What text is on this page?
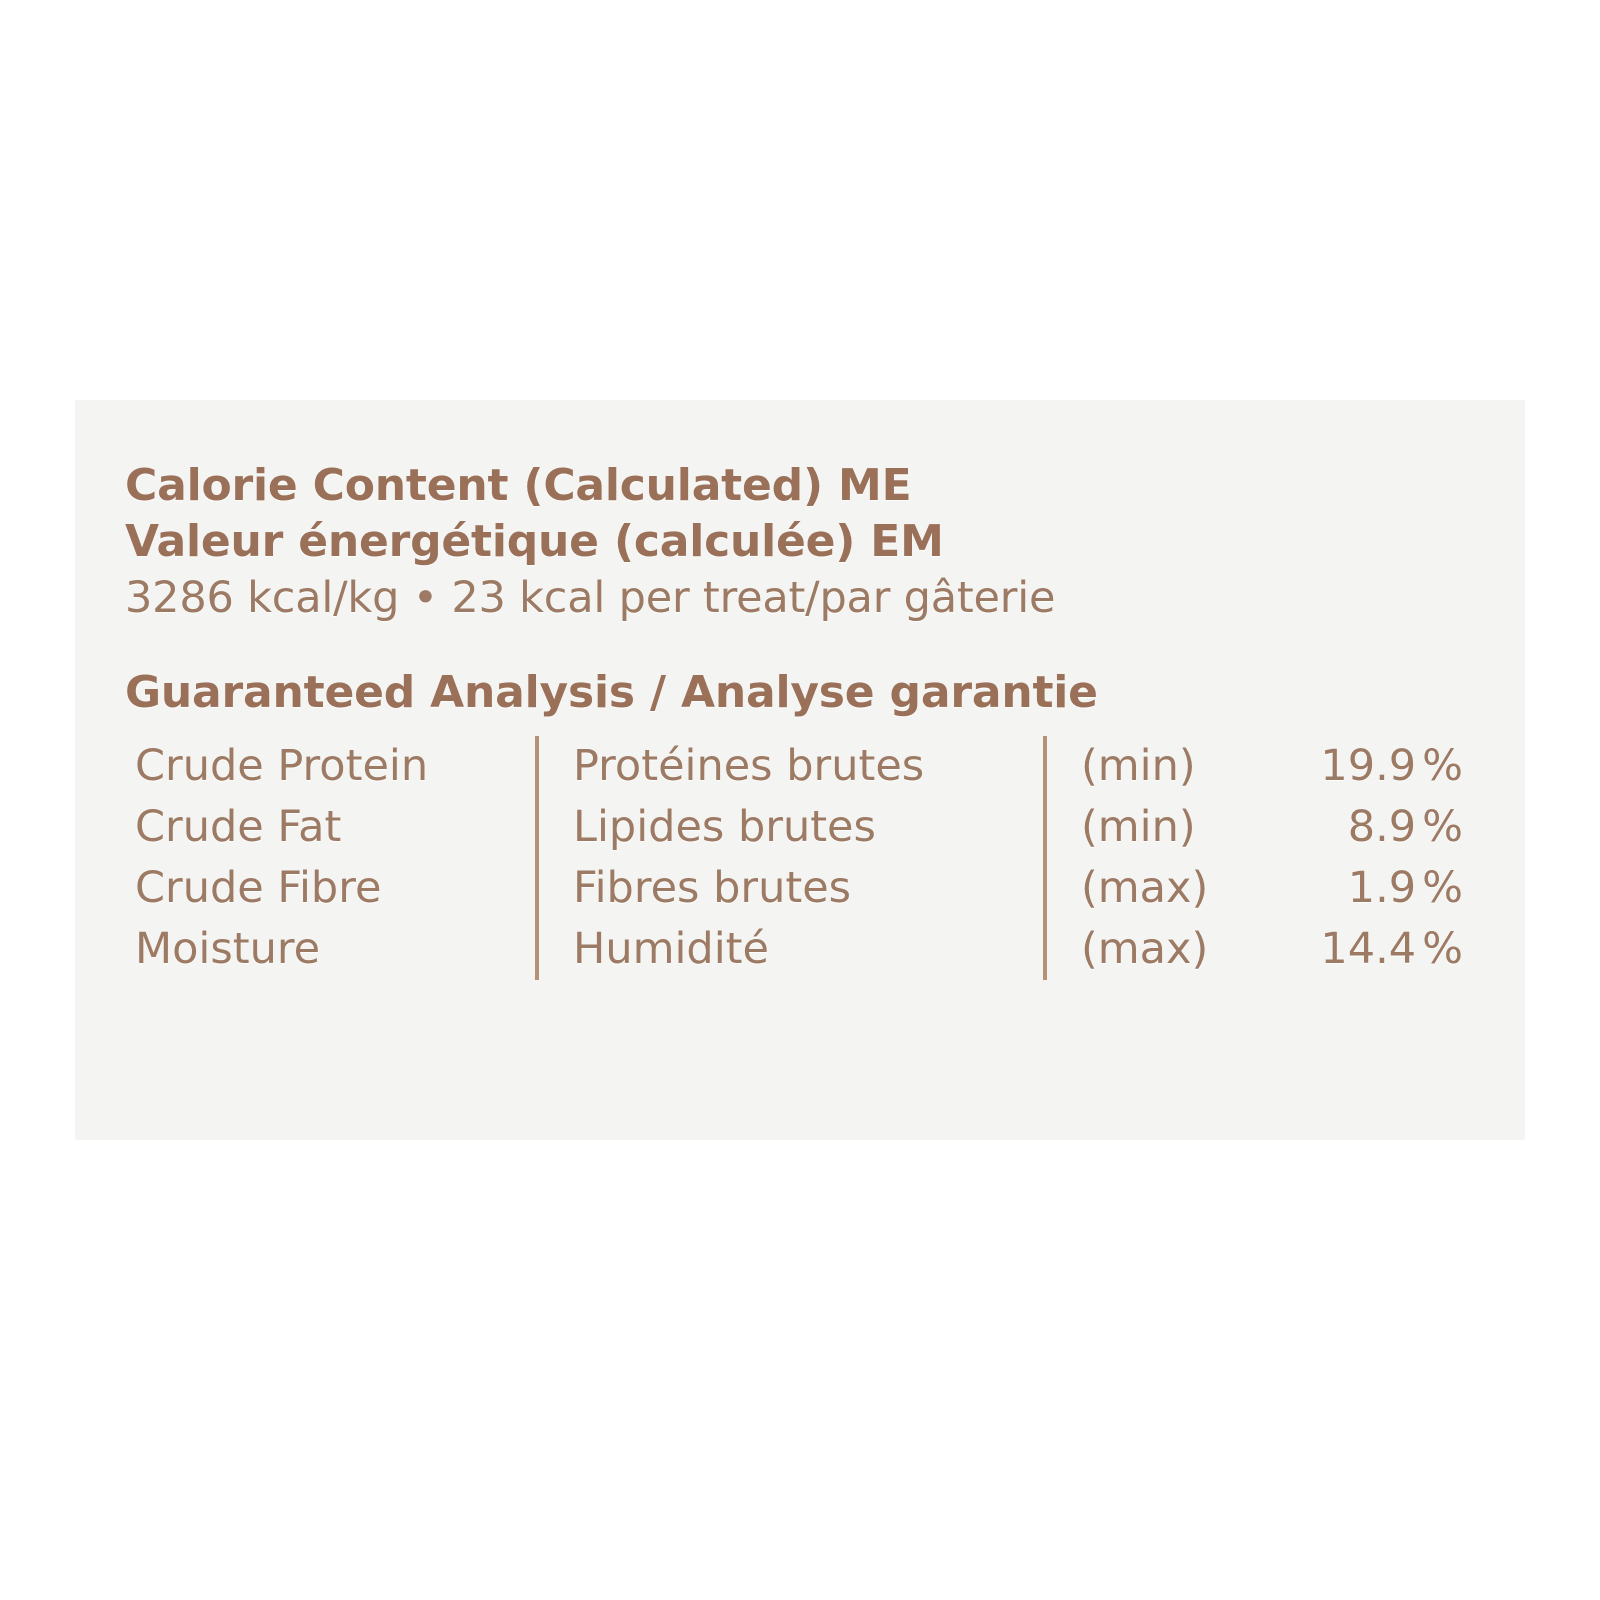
Calorie Content (Calculated) ME
Valeur énergétique (calculée) EM
3286 kcal/kg • 23 kcal per treat/par gâterie
Guaranteed Analysis / Analyse garantie
Crude Protein	Protéines brutes	(min)	19.9 %
Crude Fat	Lipides brutes	(min)	8.9 %
Crude Fibre	Fibres brutes	(max)	1.9 %
Moisture	Humidité	(max)	14.4 %
